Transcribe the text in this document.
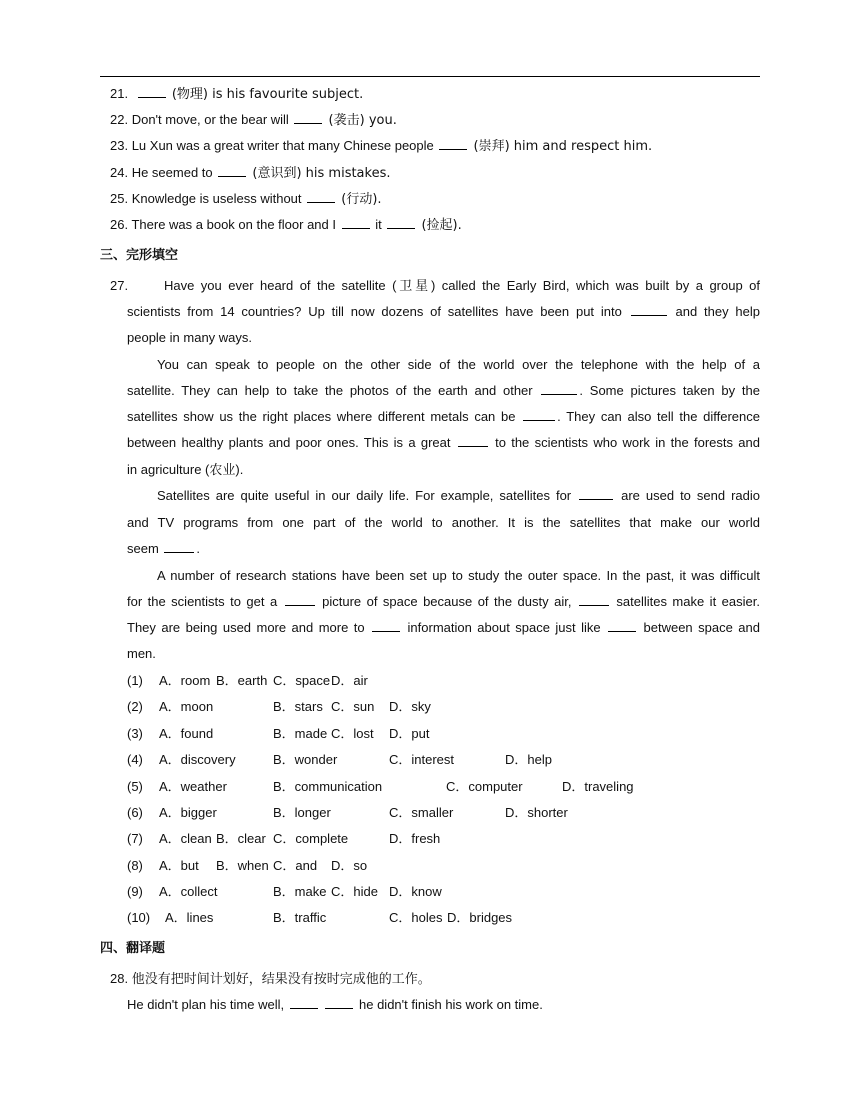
21.	(物理) is his favourite subject.
22. Don't move, or the bear will  (袭击) you.
23. Lu Xun was a great writer that many Chinese people  (崇拜) him and respect him.
24. He seemed to  (意识到) his mistakes.
25. Knowledge is useless without  (行动).
26. There was a book on the floor and I  it  (捡起).
三、完形填空
27.	Have you ever heard of the satellite (卫星) called the Early Bird, which was built by a group of
scientists from 14 countries? Up till now dozens of satellites have been put into	and they help
people in many ways.
You can speak to people on the other side of the world over the telephone with the help of a
satellite. They can help to take the photos of the earth and other	. Some pictures taken by the
satellites show us the right places where different metals can be	. They can also tell the difference
between healthy plants and poor ones. This is a great	to the scientists who work in the forests and
in agriculture (农业).
Satellites are quite useful in our daily life. For example, satellites for	are used to send radio
and TV programs from one part of the world to another. It is the satellites that make our world
seem	.
A number of research stations have been set up to study the outer space. In the past, it was difficult
for the scientists to get a	picture of space because of the dusty air,	satellites make it easier.
They are being used more and more to	information about space just like	between space and
men.
(1) A．room B．earth C．space D．air
(2) A．moon	B．stars C．sun D．sky
(3) A．found	B．made C．lost D．put
(4) A．discovery	B．wonder	C．interest	D．help
(5) A．weather	B．communication	C．computer	D．traveling
(6) A．bigger	B．longer	C．smaller	D．shorter
(7) A．clean B．clear C．complete	D．fresh
(8) A．but B．when C．and D．so
(9) A．collect	B．make C．hide D．know
(10) A．lines	B．traffic	C．holes D．bridges
四、翻译题
28. 他没有把时间计划好，结果没有按时完成他的工作。
He didn't plan his time well,	he didn't finish his work on time.
